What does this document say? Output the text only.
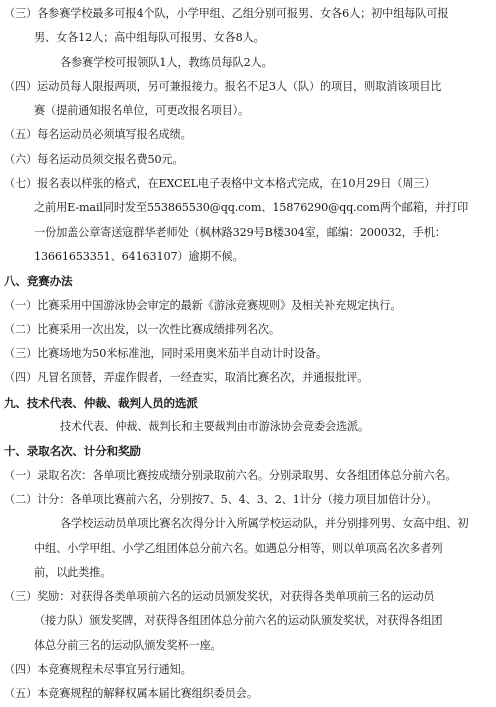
（三）各参赛学校最多可报4个队，小学甲组、乙组分别可报男、女各6人；初中组每队可报
男、女各12人；高中组每队可报男、女各8人。
各参赛学校可报领队1人，教练员每队2人。
（四）运动员每人限报两项，另可兼报接力。报名不足3人（队）的项目，则取消该项目比
赛（提前通知报名单位，可更改报名项目）。
（五）每名运动员必须填写报名成绩。
（六）每名运动员须交报名费50元。
（七）报名表以样张的格式，在EXCEL电子表格中文本格式完成，在10月29日（周三）
之前用E-mail同时发至553865530@qq.com、15876290@qq.com两个邮箱，并打印
一份加盖公章寄送寇群华老师处（枫林路329号B楼304室，邮编：200032，手机：
13661653351、64163107）逾期不候。
八、竞赛办法
（一）比赛采用中国游泳协会审定的最新《游泳竞赛规则》及相关补充规定执行。
（二）比赛采用一次出发，以一次性比赛成绩排列名次。
（三）比赛场地为50米标准池，同时采用奥米茄半自动计时设备。
（四）凡冒名顶替，弄虚作假者，一经查实，取消比赛名次，并通报批评。
九、技术代表、仲裁、裁判人员的选派
技术代表、仲裁、裁判长和主要裁判由市游泳协会竞委会选派。
十、录取名次、计分和奖励
（一）录取名次：各单项比赛按成绩分别录取前六名。分别录取男、女各组团体总分前六名。
（二）计分：各单项比赛前六名，分别按7、5、4、3、2、1计分（接力项目加倍计分）。
各学校运动员单项比赛名次得分计入所属学校运动队，并分别排列男、女高中组、初
中组、小学甲组、小学乙组团体总分前六名。如遇总分相等，则以单项高名次多者列
前，以此类推。
（三）奖励：对获得各类单项前六名的运动员颁发奖状，对获得各类单项前三名的运动员
（接力队）颁发奖牌，对获得各组团体总分前六名的运动队颁发奖状，对获得各组团
体总分前三名的运动队颁发奖杯一座。
（四）本竞赛规程未尽事宜另行通知。
（五）本竞赛规程的解释权属本届比赛组织委员会。
